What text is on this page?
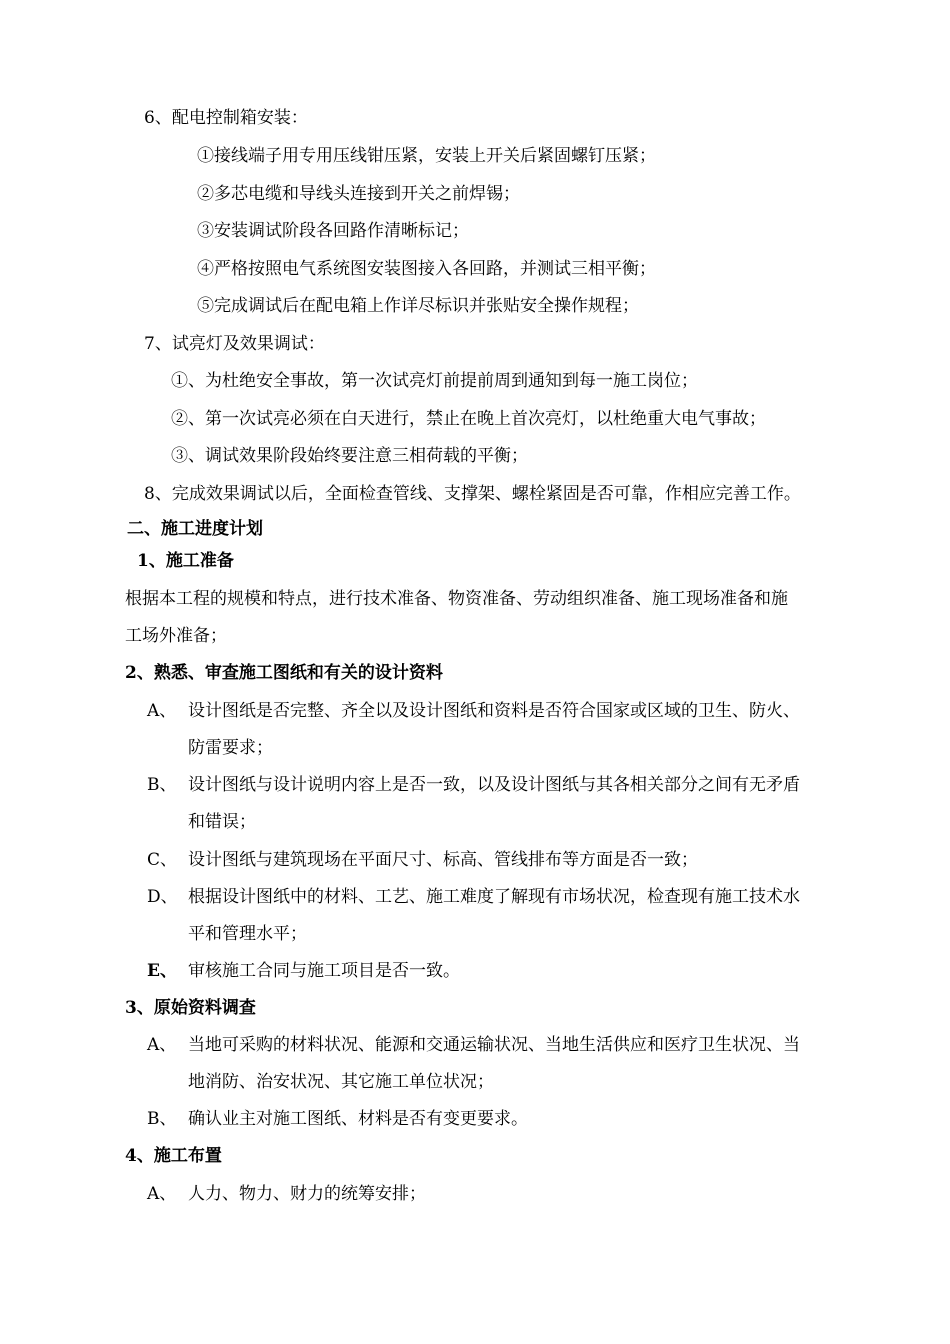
6、配电控制箱安装：
①接线端子用专用压线钳压紧，安装上开关后紧固螺钉压紧；
②多芯电缆和导线头连接到开关之前焊锡；
③安装调试阶段各回路作清晰标记；
④严格按照电气系统图安装图接入各回路，并测试三相平衡；
⑤完成调试后在配电箱上作详尽标识并张贴安全操作规程；
7、试亮灯及效果调试：
①、为杜绝安全事故，第一次试亮灯前提前周到通知到每一施工岗位；
②、第一次试亮必须在白天进行，禁止在晚上首次亮灯，以杜绝重大电气事故；
③、调试效果阶段始终要注意三相荷载的平衡；
8、完成效果调试以后，全面检查管线、支撑架、螺栓紧固是否可靠，作相应完善工作。
二、施工进度计划
1、施工准备
根据本工程的规模和特点，进行技术准备、物资准备、劳动组织准备、施工现场准备和施
工场外准备；
2、熟悉、审查施工图纸和有关的设计资料
A、 设计图纸是否完整、齐全以及设计图纸和资料是否符合国家或区域的卫生、防火、
防雷要求；
B、 设计图纸与设计说明内容上是否一致，以及设计图纸与其各相关部分之间有无矛盾
和错误；
C、 设计图纸与建筑现场在平面尺寸、标高、管线排布等方面是否一致；
D、 根据设计图纸中的材料、工艺、施工难度了解现有市场状况，检查现有施工技术水
平和管理水平；
E、 审核施工合同与施工项目是否一致。
3、原始资料调查
A、 当地可采购的材料状况、能源和交通运输状况、当地生活供应和医疗卫生状况、当
地消防、治安状况、其它施工单位状况；
B、 确认业主对施工图纸、材料是否有变更要求。
4、施工布置
A、 人力、物力、财力的统筹安排；
